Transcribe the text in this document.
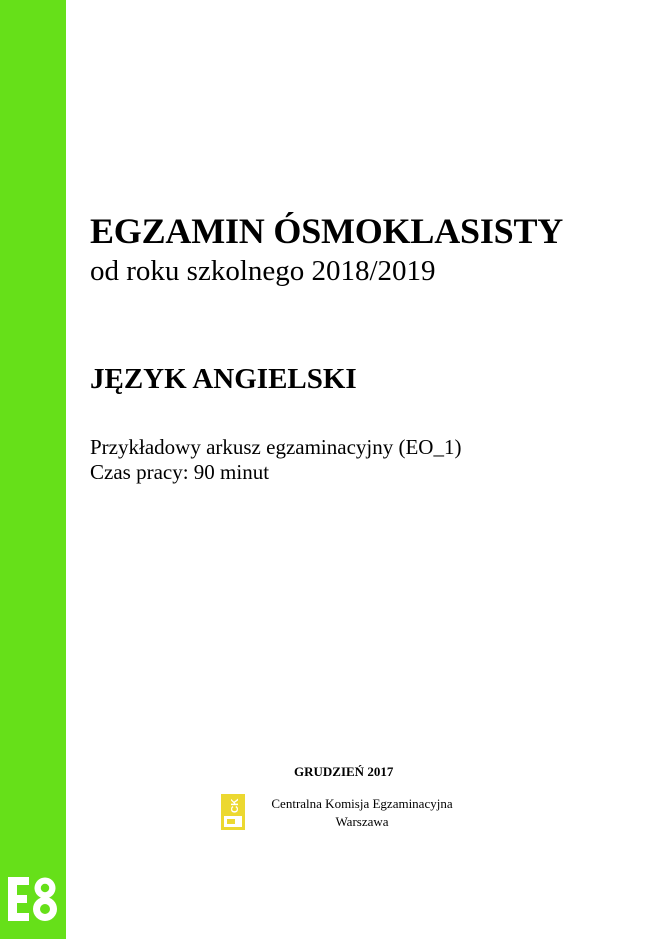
EGZAMIN ÓSMOKLASISTY

od roku szkolnego 2018/2019

JĘZYK ANGIELSKI

Przykładowy arkusz egzaminacyjny (EO_1)

Czas pracy: 90 minut

GRUDZIEŃ 2017

CK	Centralna Komisja Egzaminacyjna
Warszawa
